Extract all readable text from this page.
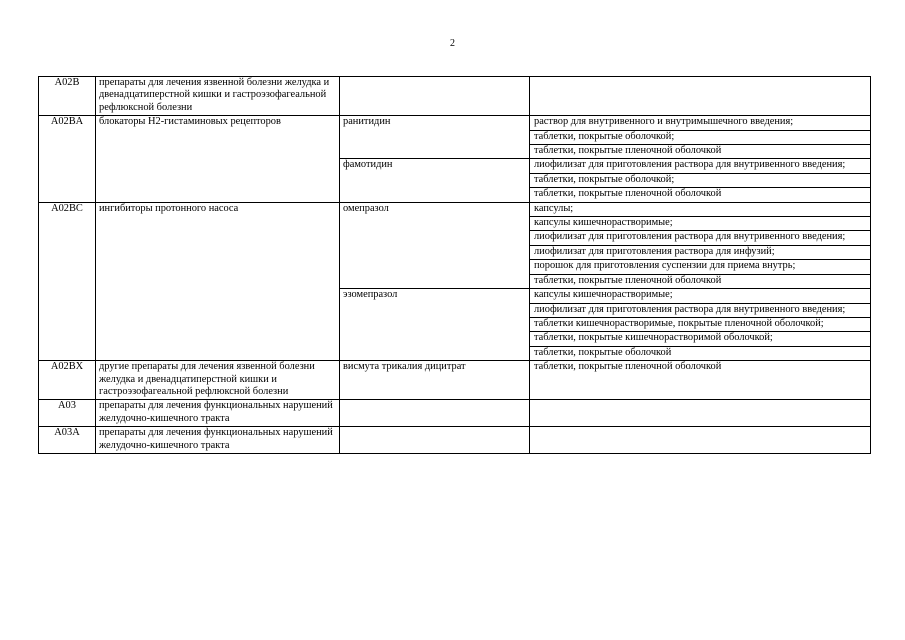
2
A02B	препараты для лечения язвенной болезни желудка и двенадцатиперстной кишки и гастроэзофагеальной рефлюксной болезни		
A02BA	блокаторы Н2-гистаминовых рецепторов	ранитидин	раствор для внутривенного и внутримышечного введения;
			таблетки, покрытые оболочкой;
			таблетки, покрытые пленочной оболочкой
		фамотидин	лиофилизат для приготовления раствора для внутривенного введения;
			таблетки, покрытые оболочкой;
			таблетки, покрытые пленочной оболочкой
A02BC	ингибиторы протонного насоса	омепразол	капсулы;
			капсулы кишечнорастворимые;
			лиофилизат для приготовления раствора для внутривенного введения;
			лиофилизат для приготовления раствора для инфузий;
			порошок для приготовления суспензии для приема внутрь;
			таблетки, покрытые пленочной оболочкой
		эзомепразол	капсулы кишечнорастворимые;
			лиофилизат для приготовления раствора для внутривенного введения;
			таблетки кишечнорастворимые, покрытые пленочной оболочкой;
			таблетки, покрытые кишечнорастворимой оболочкой;
			таблетки, покрытые оболочкой
A02BX	другие препараты для лечения язвенной болезни желудка и двенадцатиперстной кишки и гастроэзофагеальной рефлюксной болезни	висмута трикалия дицитрат	таблетки, покрытые пленочной оболочкой
A03	препараты для лечения функциональных нарушений желудочно-кишечного тракта		
A03A	препараты для лечения функциональных нарушений желудочно-кишечного тракта		
